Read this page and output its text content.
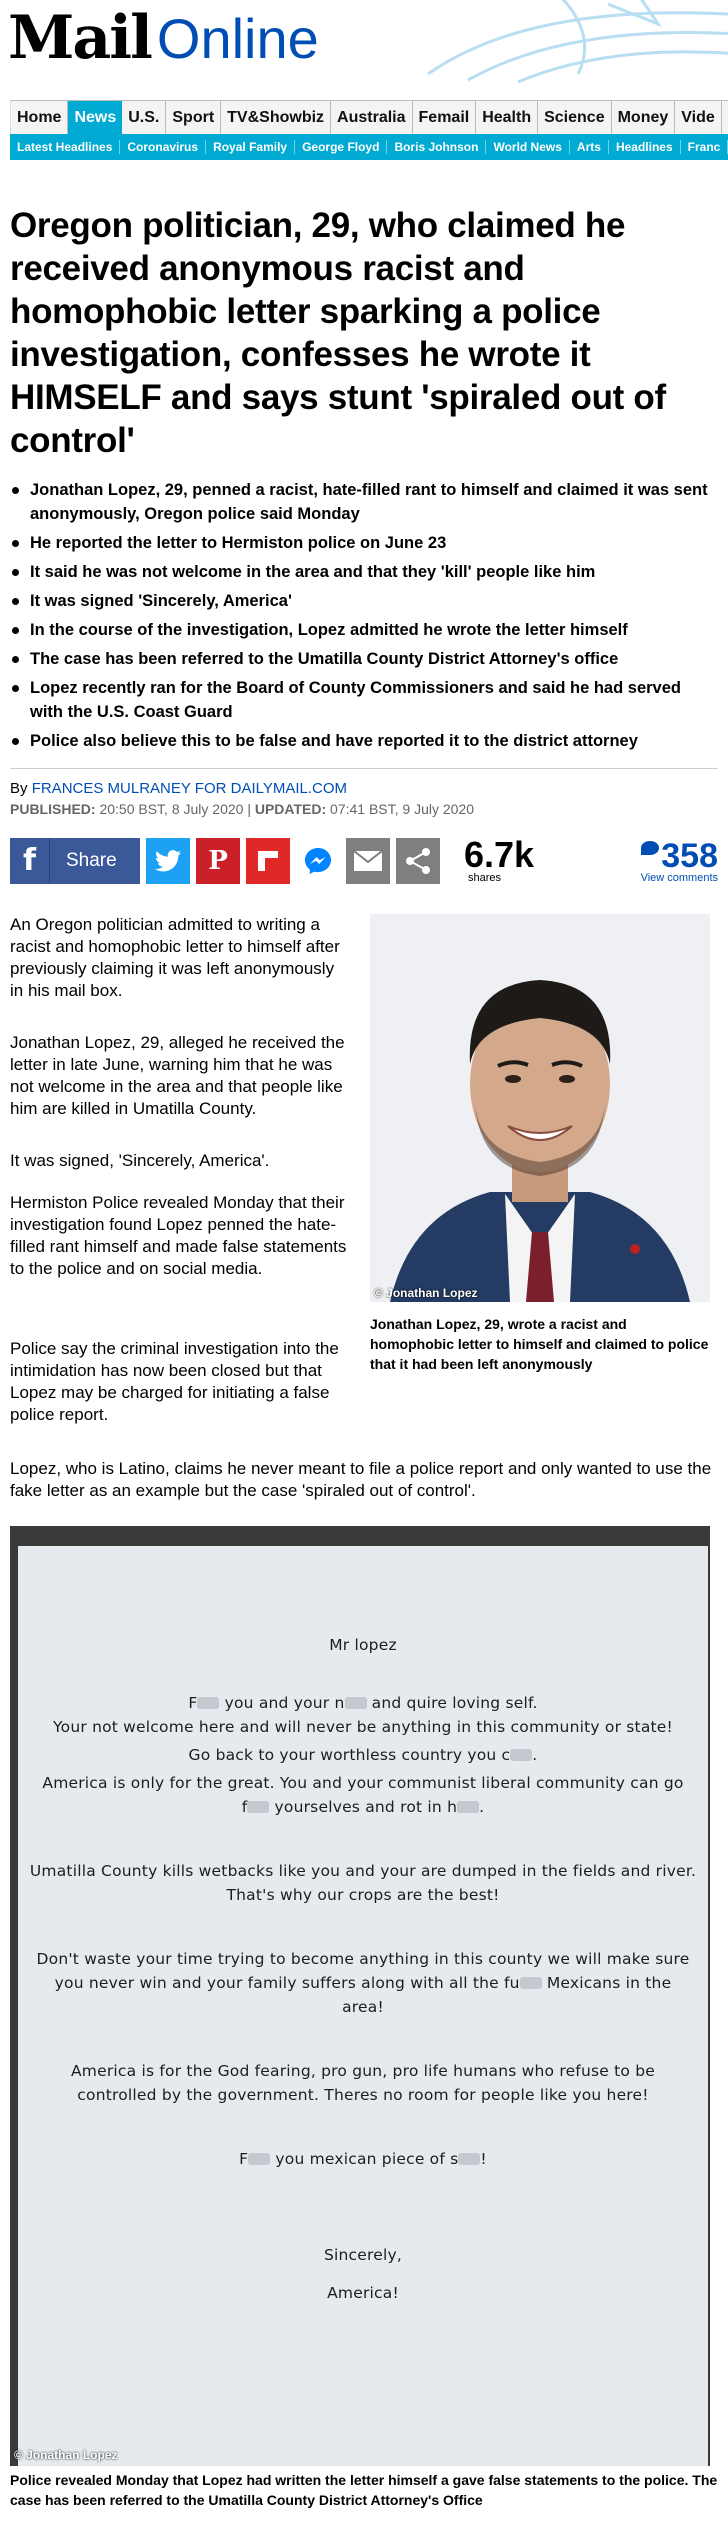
Mail Online
Home News U.S. Sport TV&Showbiz Australia Femail Health Science Money Vide
Latest Headlines	Coronavirus	Royal Family	George Floyd	Boris Johnson	World News	Arts	Headlines	Franc
Oregon politician, 29, who claimed he received anonymous racist and homophobic letter sparking a police investigation, confesses he wrote it HIMSELF and says stunt 'spiraled out of control'
Jonathan Lopez, 29, penned a racist, hate-filled rant to himself and claimed it was sent anonymously, Oregon police said Monday
He reported the letter to Hermiston police on June 23
It said he was not welcome in the area and that they 'kill' people like him
It was signed 'Sincerely, America'
In the course of the investigation, Lopez admitted he wrote the letter himself
The case has been referred to the Umatilla County District Attorney's office
Lopez recently ran for the Board of County Commissioners and said he had served with the U.S. Coast Guard
Police also believe this to be false and have reported it to the district attorney
By FRANCES MULRANEY FOR DAILYMAIL.COM
PUBLISHED: 20:50 BST, 8 July 2020 | UPDATED: 07:41 BST, 9 July 2020
f	Share	P	6.7k
shares
358
View comments

An Oregon politician admitted to writing a racist and homophobic letter to himself after previously claiming it was left anonymously in his mail box.

Jonathan Lopez, 29, alleged he received the letter in late June, warning him that he was not welcome in the area and that people like him are killed in Umatilla County.

It was signed, 'Sincerely, America'.

Hermiston Police revealed Monday that their investigation found Lopez penned the hate-filled rant himself and made false statements to the police and on social media.

Police say the criminal investigation into the intimidation has now been closed but that Lopez may be charged for initiating a false police report.

Lopez, who is Latino, claims he never meant to file a police report and only wanted to use the fake letter as an example but the case 'spiraled out of control'.

© Jonathan Lopez

Jonathan Lopez, 29, wrote a racist and homophobic letter to himself and claimed to police that it had been left anonymously

Mr lopez
F you and your n and quire loving self.
Your not welcome here and will never be anything in this community or state!
Go back to your worthless country you c .
America is only for the great. You and your communist liberal community can go
f yourselves and rot in h .
Umatilla County kills wetbacks like you and your are dumped in the fields and river.
That's why our crops are the best!
Don't waste your time trying to become anything in this county we will make sure
you never win and your family suffers along with all the fu Mexicans in the
area!
America is for the God fearing, pro gun, pro life humans who refuse to be
controlled by the government. Theres no room for people like you here!
F you mexican piece of s !
Sincerely,
America!
© Jonathan Lopez

Police revealed Monday that Lopez had written the letter himself a gave false statements to the police. The case has been referred to the Umatilla County District Attorney's Office
